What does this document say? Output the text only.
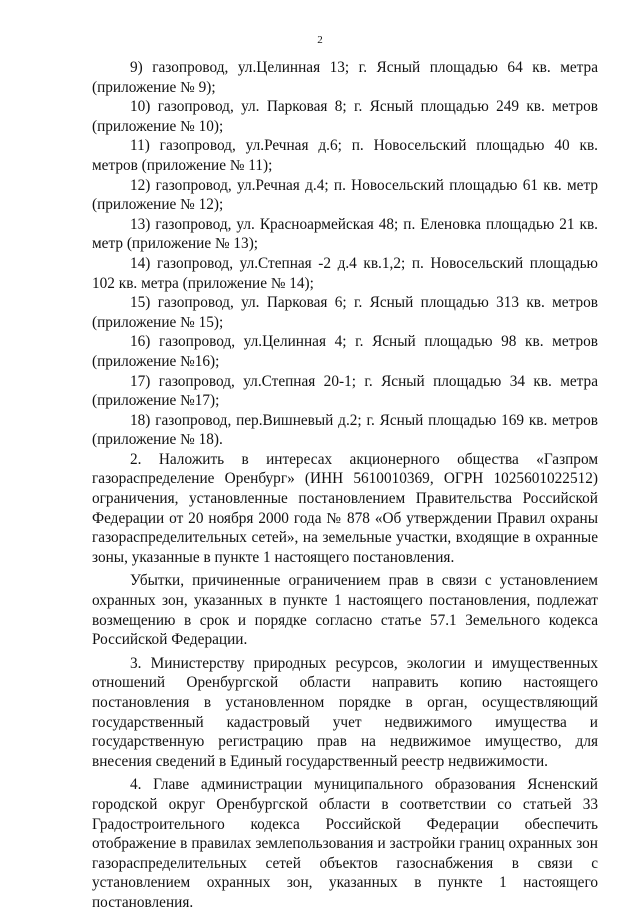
2

9) газопровод, ул.Целинная 13; г. Ясный площадью 64 кв. метра (приложение № 9);

10) газопровод, ул. Парковая 8; г. Ясный площадью 249 кв. метров (приложение № 10);

11) газопровод, ул.Речная д.6; п. Новосельский площадью 40 кв. метров (приложение № 11);

12) газопровод, ул.Речная д.4; п. Новосельский площадью 61 кв. метр (приложение № 12);

13) газопровод, ул. Красноармейская 48; п. Еленовка площадью 21 кв. метр (приложение № 13);

14) газопровод, ул.Степная -2 д.4 кв.1,2; п. Новосельский площадью 102 кв. метра (приложение № 14);

15) газопровод, ул. Парковая 6; г. Ясный площадью 313 кв. метров (приложение № 15);

16) газопровод, ул.Целинная 4; г. Ясный площадью 98 кв. метров (приложение №16);

17) газопровод, ул.Степная 20-1; г. Ясный площадью 34 кв. метра (приложение №17);

18) газопровод, пер.Вишневый д.2; г. Ясный площадью 169 кв. метров (приложение № 18).

2. Наложить в интересах акционерного общества «Газпром газораспределение Оренбург» (ИНН 5610010369, ОГРН 1025601022512) ограничения, установленные постановлением Правительства Российской Федерации от 20 ноября 2000 года № 878 «Об утверждении Правил охраны газораспределительных сетей», на земельные участки, входящие в охранные зоны, указанные в пункте 1 настоящего постановления.

Убытки, причиненные ограничением прав в связи с установлением охранных зон, указанных в пункте 1 настоящего постановления, подлежат возмещению в срок и порядке согласно статье 57.1 Земельного кодекса Российской Федерации.

3. Министерству природных ресурсов, экологии и имущественных отношений Оренбургской области направить копию настоящего постановления в установленном порядке в орган, осуществляющий государственный кадастровый учет недвижимого имущества и государственную регистрацию прав на недвижимое имущество, для внесения сведений в Единый государственный реестр недвижимости.

4. Главе администрации муниципального образования Ясненский городской округ Оренбургской области в соответствии со статьей 33 Градостроительного кодекса Российской Федерации обеспечить отображение в правилах землепользования и застройки границ охранных зон газораспределительных сетей объектов газоснабжения в связи с установлением охранных зон, указанных в пункте 1 настоящего постановления.
